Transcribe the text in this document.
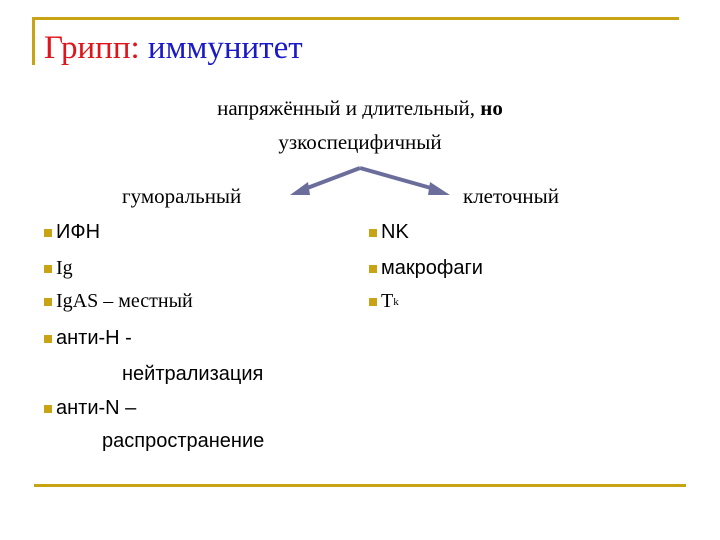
Грипп: иммунитет
напряжённый и длительный, но
узкоспецифичный
гуморальный	клеточный
ИФН
Ig
IgAS – местный
анти-Н -
нейтрализация
анти-N –
распространение
NK
макрофаги
T k
